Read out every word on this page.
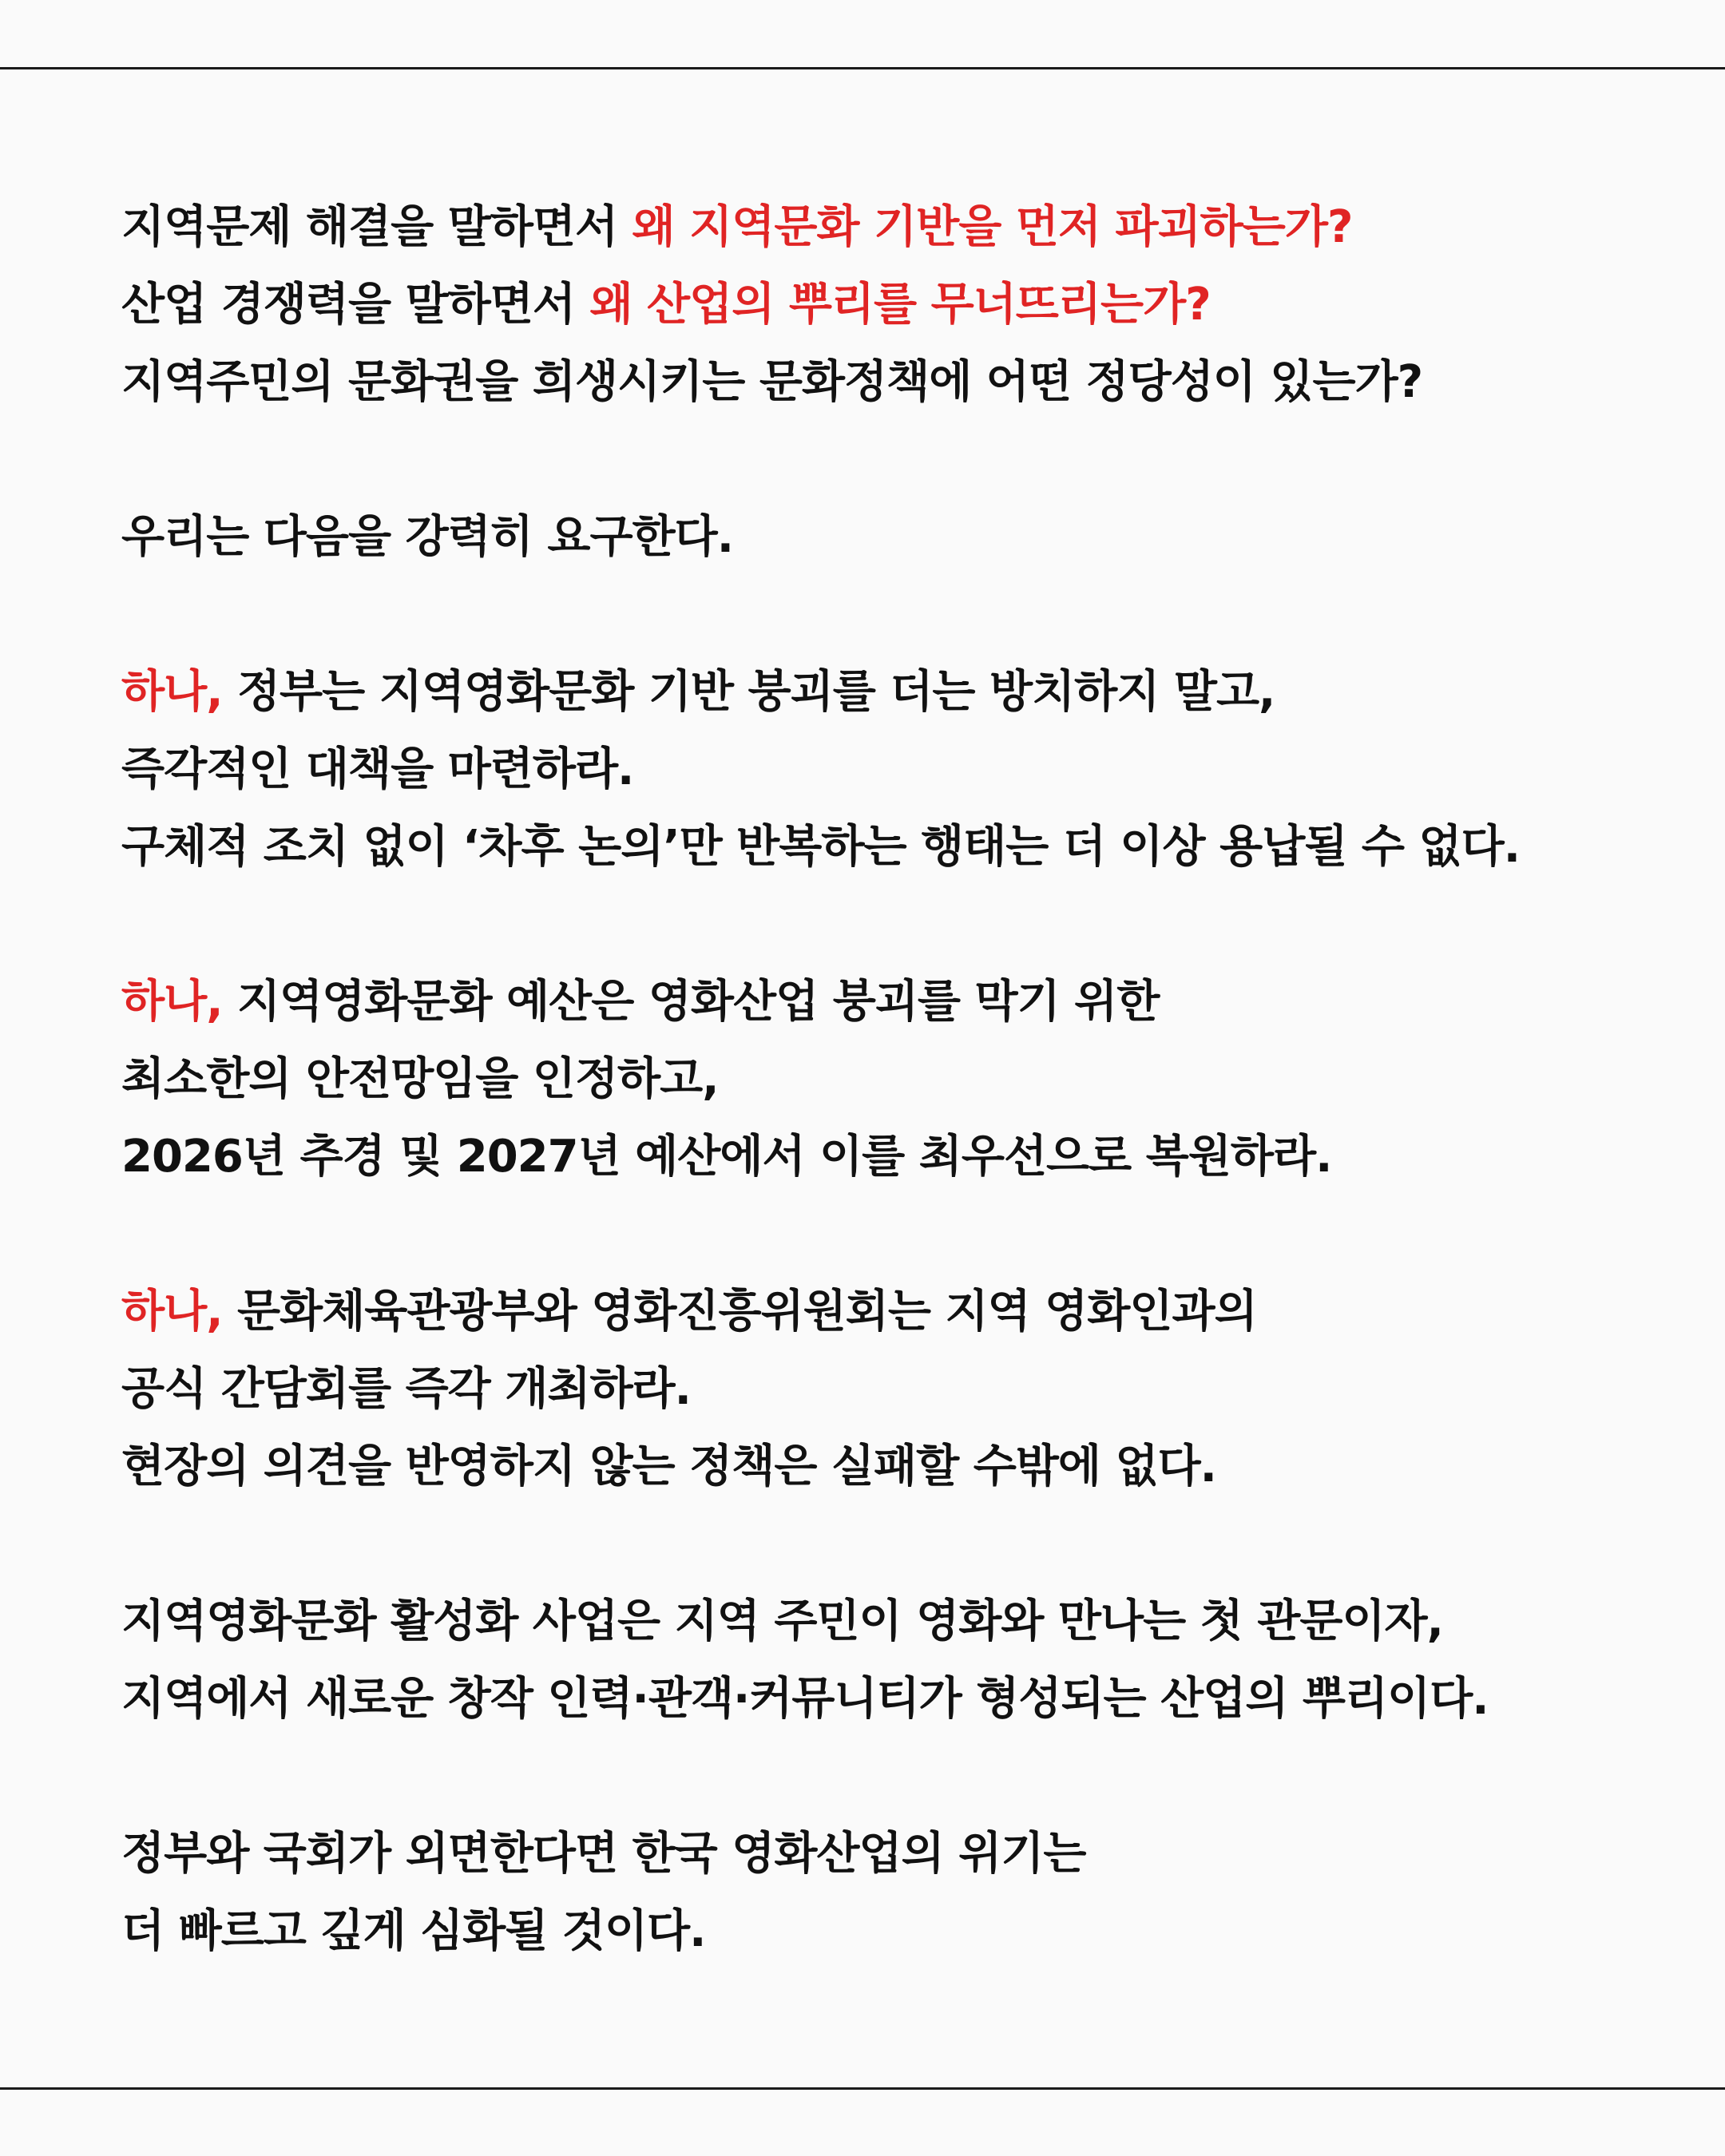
지역문제 해결을 말하면서 왜 지역문화 기반을 먼저 파괴하는가?
산업 경쟁력을 말하면서 왜 산업의 뿌리를 무너뜨리는가?
지역주민의 문화권을 희생시키는 문화정책에 어떤 정당성이 있는가?
우리는 다음을 강력히 요구한다.
하나, 정부는 지역영화문화 기반 붕괴를 더는 방치하지 말고,
즉각적인 대책을 마련하라.
구체적 조치 없이 ‘차후 논의’만 반복하는 행태는 더 이상 용납될 수 없다.
하나, 지역영화문화 예산은 영화산업 붕괴를 막기 위한
최소한의 안전망임을 인정하고,
2026년 추경 및 2027년 예산에서 이를 최우선으로 복원하라.
하나, 문화체육관광부와 영화진흥위원회는 지역 영화인과의
공식 간담회를 즉각 개최하라.
현장의 의견을 반영하지 않는 정책은 실패할 수밖에 없다.
지역영화문화 활성화 사업은 지역 주민이 영화와 만나는 첫 관문이자,
지역에서 새로운 창작 인력·관객·커뮤니티가 형성되는 산업의 뿌리이다.
정부와 국회가 외면한다면 한국 영화산업의 위기는
더 빠르고 깊게 심화될 것이다.
